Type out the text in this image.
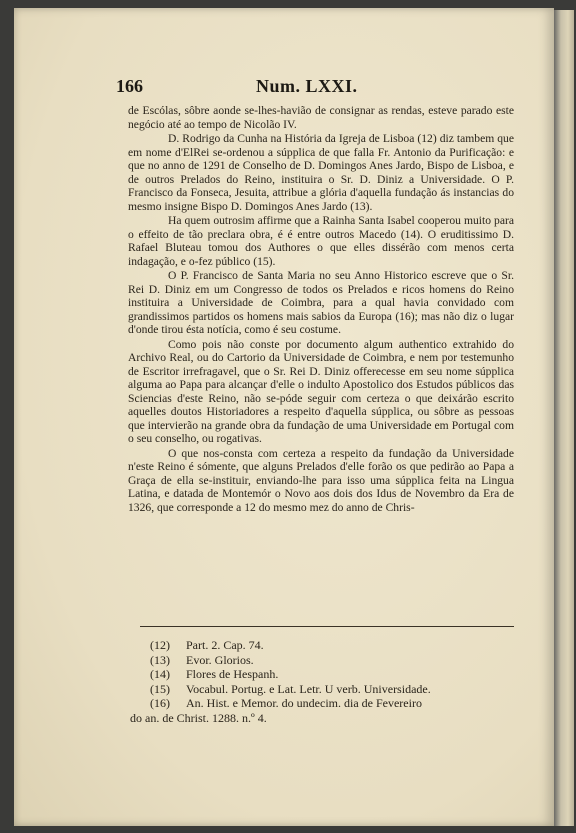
166	Num. LXXI.

de Escólas, sôbre aonde se-lhes-havião de consignar as rendas, esteve parado este negócio até ao tempo de Nicolão IV.

D. Rodrigo da Cunha na História da Igreja de Lisboa (12) diz tambem que em nome d'ElRei se-ordenou a súpplica de que falla Fr. Antonio da Purificação: e que no anno de 1291 de Conselho de D. Domingos Anes Jardo, Bispo de Lisboa, e de outros Prelados do Reino, instituira o Sr. D. Diniz a Universidade. O P. Francisco da Fonseca, Jesuita, attribue a glória d'aquella fundação ás instancias do mesmo insigne Bispo D. Domingos Anes Jardo (13).

Ha quem outrosim affirme que a Rainha Santa Isabel cooperou muito para o effeito de tão preclara obra, é é entre outros Macedo (14). O eruditissimo D. Rafael Bluteau tomou dos Authores o que elles dissérão com menos certa indagação, e o-fez público (15).

O P. Francisco de Santa Maria no seu Anno Historico escreve que o Sr. Rei D. Diniz em um Congresso de todos os Prelados e ricos homens do Reino instituira a Universidade de Coimbra, para a qual havia convidado com grandissimos partidos os homens mais sabios da Europa (16); mas não diz o lugar d'onde tirou ésta notícia, como é seu costume.

Como pois não conste por documento algum authentico extrahido do Archivo Real, ou do Cartorio da Universidade de Coimbra, e nem por testemunho de Escritor irrefragavel, que o Sr. Rei D. Diniz offerecesse em seu nome súpplica alguma ao Papa para alcançar d'elle o indulto Apostolico dos Estudos públicos das Sciencias d'este Reino, não se-póde seguir com certeza o que deixárão escrito aquelles doutos Historiadores a respeito d'aquella súpplica, ou sôbre as pessoas que intervierão na grande obra da fundação de uma Universidade em Portugal com o seu conselho, ou rogativas.

O que nos-consta com certeza a respeito da fundação da Universidade n'este Reino é sómente, que alguns Prelados d'elle forão os que pedirão ao Papa a Graça de ella se-instituir, enviando-lhe para isso uma súpplica feita na Lingua Latina, e datada de Montemór o Novo aos dois dos Idus de Novembro da Era de 1326, que corresponde a 12 do mesmo mez do anno de Chris-

(12) Part. 2. Cap. 74.
(13) Evor. Glorios.
(14) Flores de Hespanh.
(15) Vocabul. Portug. e Lat. Letr. U verb. Universidade.
(16) An. Hist. e Memor. do undecim. dia de Fevereiro
do an. de Christ. 1288. n.º 4.
